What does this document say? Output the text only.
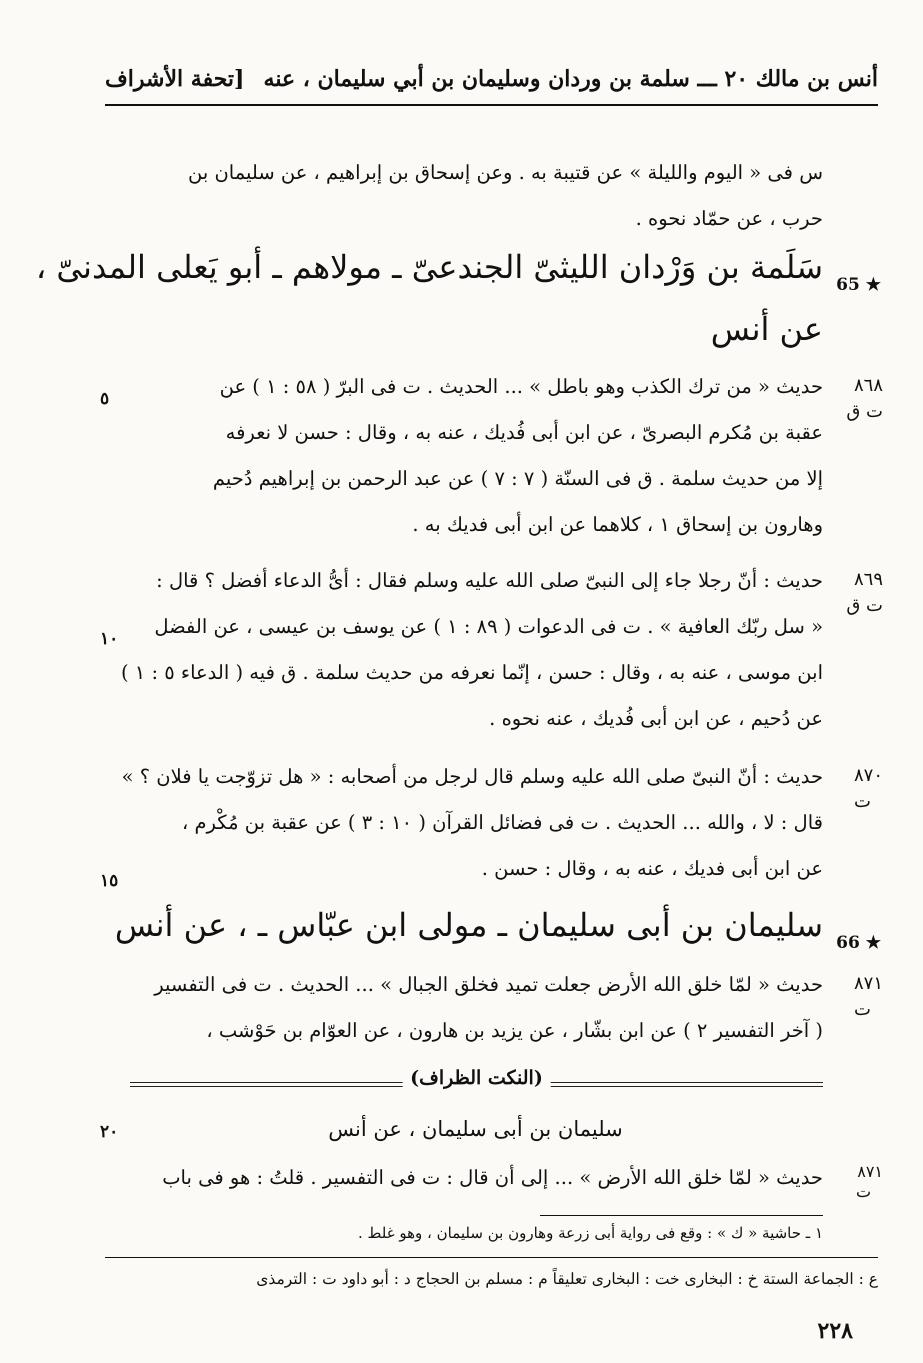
أنس بن مالك ٢٠ ـــ سلمة بن وردان وسليمان بن أبي سليمان ، عنه
[تحفة الأشراف
س فى « اليوم والليلة » عن قتيبة به . وعن إسحاق بن إبراهيم ، عن سليمان بن
حرب ، عن حمّاد نحوه .
★ 65
سَلَمة بن وَرْدان الليثىّ الجندعىّ ـ مولاهم ـ أبو يَعلى المدنىّ ،
عن أنس
٨٦٨
ت ق
٥
حديث « من ترك الكذب وهو باطل » ... الحديث . ت فى البرّ ( ٥٨ : ١ ) عن
عقبة بن مُكرم البصرىّ ، عن ابن أبى فُديك ، عنه به ، وقال : حسن لا نعرفه
إلا من حديث سلمة . ق فى السنّة ( ٧ : ٧ ) عن عبد الرحمن بن إبراهيم دُحيم
وهارون بن إسحاق ١ ، كلاهما عن ابن أبى فديك به .
٨٦٩
ت ق
حديث : أنّ رجلا جاء إلى النبىّ صلى الله عليه وسلم فقال : أىُّ الدعاء أفضل ؟ قال :
« سل ربّك العافية » . ت فى الدعوات ( ٨٩ : ١ ) عن يوسف بن عيسى ، عن الفضل
١٠
ابن موسى ، عنه به ، وقال : حسن ، إنّما نعرفه من حديث سلمة . ق فيه ( الدعاء ٥ : ١ )
عن دُحيم ، عن ابن أبى فُديك ، عنه نحوه .
٨٧٠
ت
حديث : أنّ النبىّ صلى الله عليه وسلم قال لرجل من أصحابه : « هل تزوّجت يا فلان ؟ »
قال : لا ، والله ... الحديث . ت فى فضائل القرآن ( ١٠ : ٣ ) عن عقبة بن مُكْرم ،
عن ابن أبى فديك ، عنه به ، وقال : حسن .
١٥
★ 66
سليمان بن أبى سليمان ـ مولى ابن عبّاس ـ ، عن أنس
٨٧١
ت
حديث « لمّا خلق الله الأرض جعلت تميد فخلق الجبال » ... الحديث . ت فى التفسير
( آخر التفسير ٢ ) عن ابن بشّار ، عن يزيد بن هارون ، عن العوّام بن حَوْشب ،
(النكت الظراف)
سليمان بن أبى سليمان ، عن أنس
٢٠
٨٧١
ت
حديث « لمّا خلق الله الأرض » ... إلى أن قال : ت فى التفسير . قلتُ : هو فى باب
١ ـ حاشية « ك » : وقع فى رواية أبى زرعة وهارون بن سليمان ، وهو غلط .
ع : الجماعة الستة خ : البخارى خت : البخارى تعليقاً م : مسلم بن الحجاج د : أبو داود ت : الترمذى
٢٢٨
